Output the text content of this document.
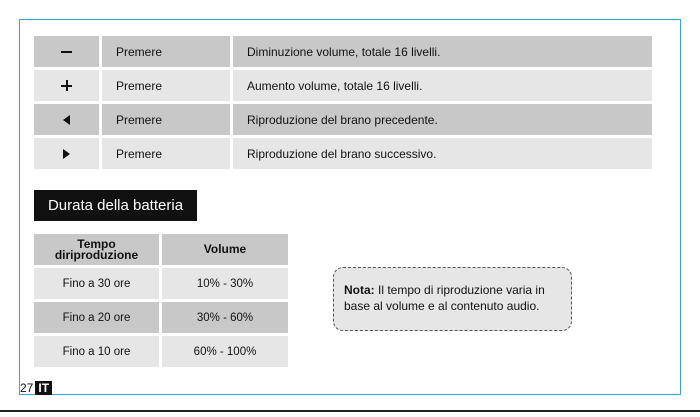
Premere	Diminuzione volume, totale 16 livelli.
Premere	Aumento volume, totale 16 livelli.
Premere	Riproduzione del brano precedente.
Premere	Riproduzione del brano successivo.
Durata della batteria
Tempo
diriproduzione	Volume
Fino a 30 ore	10% - 30%
Fino a 20 ore	30% - 60%
Fino a 10 ore	60% - 100%
Nota: Il tempo di riproduzione varia in base al volume e al contenuto audio.
27 IT
